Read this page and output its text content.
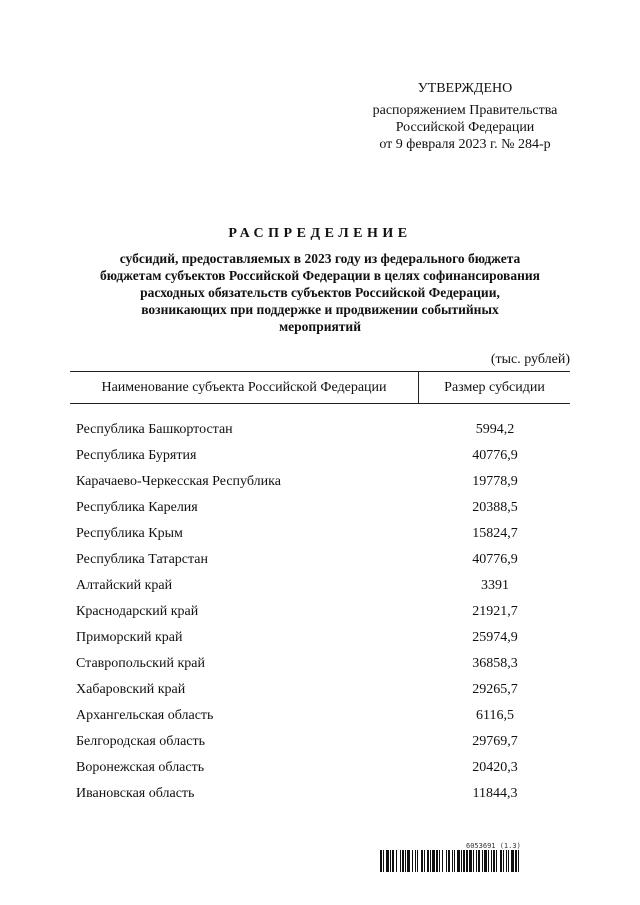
УТВЕРЖДЕНО
распоряжением Правительства
Российской Федерации
от 9 февраля 2023 г. № 284-р
РАСПРЕДЕЛЕНИЕ
субсидий, предоставляемых в 2023 году из федерального бюджета
бюджетам субъектов Российской Федерации в целях софинансирования
расходных обязательств субъектов Российской Федерации,
возникающих при поддержке и продвижении событийных
мероприятий
(тыс. рублей)
Наименование субъекта Российской Федерации	Размер субсидии
Республика Башкортостан	5994,2
Республика Бурятия	40776,9
Карачаево-Черкесская Республика	19778,9
Республика Карелия	20388,5
Республика Крым	15824,7
Республика Татарстан	40776,9
Алтайский край	3391
Краснодарский край	21921,7
Приморский край	25974,9
Ставропольский край	36858,3
Хабаровский край	29265,7
Архангельская область	6116,5
Белгородская область	29769,7
Воронежская область	20420,3
Ивановская область	11844,3
6053691 (1.3)
